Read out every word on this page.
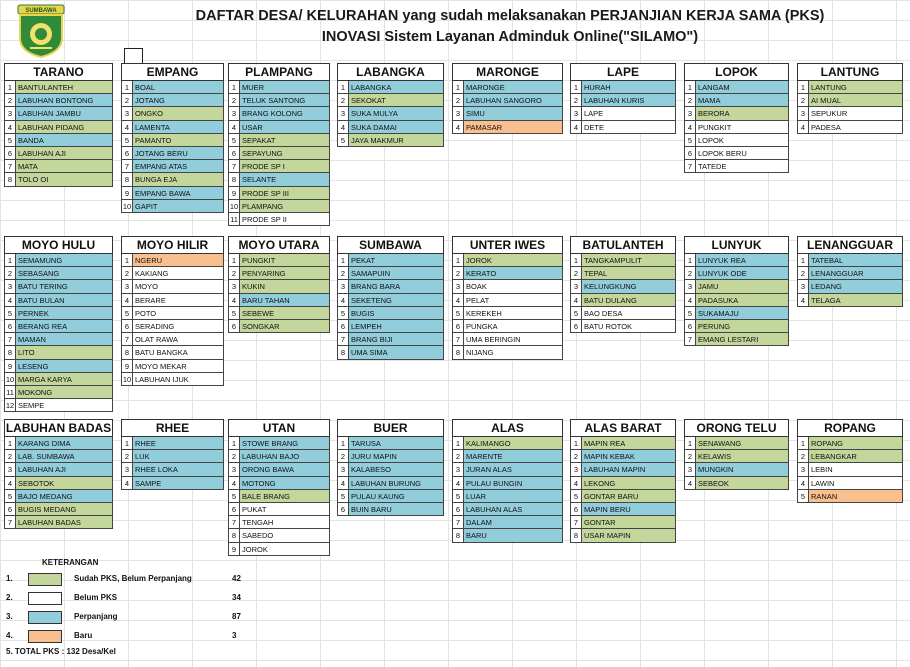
SUMBAWA	DAFTAR DESA/ KELURAHAN yang sudah melaksanakan PERJANJIAN KERJA SAMA (PKS)
INOVASI Sistem Layanan Adminduk Online("SILAMO")
TARANO
1 BANTULANTEH
2 LABUHAN BONTONG
3 LABUHAN JAMBU
4 LABUHAN PIDANG
5 BANDA
6 LABUHAN AJI
7 MATA
8 TOLO OI
EMPANG
1 BOAL
2 JOTANG
3 ONGKO
4 LAMENTA
5 PAMANTO
6 JOTANG BERU
7 EMPANG ATAS
8 BUNGA EJA
9 EMPANG BAWA
10 GAPIT
PLAMPANG
1 MUER
2 TELUK SANTONG
3 BRANG KOLONG
4 USAR
5 SEPAKAT
6 SEPAYUNG
7 PRODE SP I
8 SELANTE
9 PRODE SP III
10 PLAMPANG
11 PRODE SP II
LABANGKA
1 LABANGKA
2 SEKOKAT
3 SUKA MULYA
4 SUKA DAMAI
5 JAYA MAKMUR
MARONGE
1 MARONGE
2 LABUHAN SANGORO
3 SIMU
4 PAMASAR
LAPE
1 HURAH
2 LABUHAN KURIS
3 LAPE
4 DETE
LOPOK
1 LANGAM
2 MAMA
3 BERORA
4 PUNGKIT
5 LOPOK
6 LOPOK BERU
7 TATEDE
LANTUNG
1 LANTUNG
2 AI MUAL
3 SEPUKUR
4 PADESA
MOYO HULU
1 SEMAMUNG
2 SEBASANG
3 BATU TERING
4 BATU BULAN
5 PERNEK
6 BERANG REA
7 MAMAN
8 LITO
9 LESENG
10 MARGA KARYA
11 MOKONG
12 SEMPE
MOYO HILIR
1 NGERU
2 KAKIANG
3 MOYO
4 BERARE
5 POTO
6 SERADING
7 OLAT RAWA
8 BATU BANGKA
9 MOYO MEKAR
10 LABUHAN IJUK
MOYO UTARA
1 PUNGKIT
2 PENYARING
3 KUKIN
4 BARU TAHAN
5 SEBEWE
6 SONGKAR
SUMBAWA
1 PEKAT
2 SAMAPUIN
3 BRANG BARA
4 SEKETENG
5 BUGIS
6 LEMPEH
7 BRANG BIJI
8 UMA SIMA
UNTER IWES
1 JOROK
2 KERATO
3 BOAK
4 PELAT
5 KEREKEH
6 PUNGKA
7 UMA BERINGIN
8 NIJANG
BATULANTEH
1 TANGKAMPULIT
2 TEPAL
3 KELUNGKUNG
4 BATU DULANG
5 BAO DESA
6 BATU ROTOK
LUNYUK
1 LUNYUK REA
2 LUNYUK ODE
3 JAMU
4 PADASUKA
5 SUKAMAJU
6 PERUNG
7 EMANG LESTARI
LENANGGUAR
1 TATEBAL
2 LENANGGUAR
3 LEDANG
4 TELAGA
LABUHAN BADAS
1 KARANG DIMA
2 LAB. SUMBAWA
3 LABUHAN AJI
4 SEBOTOK
5 BAJO MEDANG
6 BUGIS MEDANG
7 LABUHAN BADAS
RHEE
1 RHEE
2 LUK
3 RHEE LOKA
4 SAMPE
UTAN
1 STOWE BRANG
2 LABUHAN BAJO
3 ORONG BAWA
4 MOTONG
5 BALE BRANG
6 PUKAT
7 TENGAH
8 SABEDO
9 JOROK
BUER
1 TARUSA
2 JURU MAPIN
3 KALABESO
4 LABUHAN BURUNG
5 PULAU KAUNG
6 BUIN BARU
ALAS
1 KALIMANGO
2 MARENTE
3 JURAN ALAS
4 PULAU BUNGIN
5 LUAR
6 LABUHAN ALAS
7 DALAM
8 BARU
ALAS BARAT
1 MAPIN REA
2 MAPIN KEBAK
3 LABUHAN MAPIN
4 LEKONG
5 GONTAR BARU
6 MAPIN BERU
7 GONTAR
8 USAR MAPIN
ORONG TELU
1 SENAWANG
2 KELAWIS
3 MUNGKIN
4 SEBEOK
ROPANG
1 ROPANG
2 LEBANGKAR
3 LEBIN
4 LAWIN
5 RANAN
KETERANGAN
1.	Sudah PKS, Belum Perpanjang	42
2.	Belum PKS	34
3.	Perpanjang	87
4.	Baru	3
5. TOTAL PKS : 132 Desa/Kel
